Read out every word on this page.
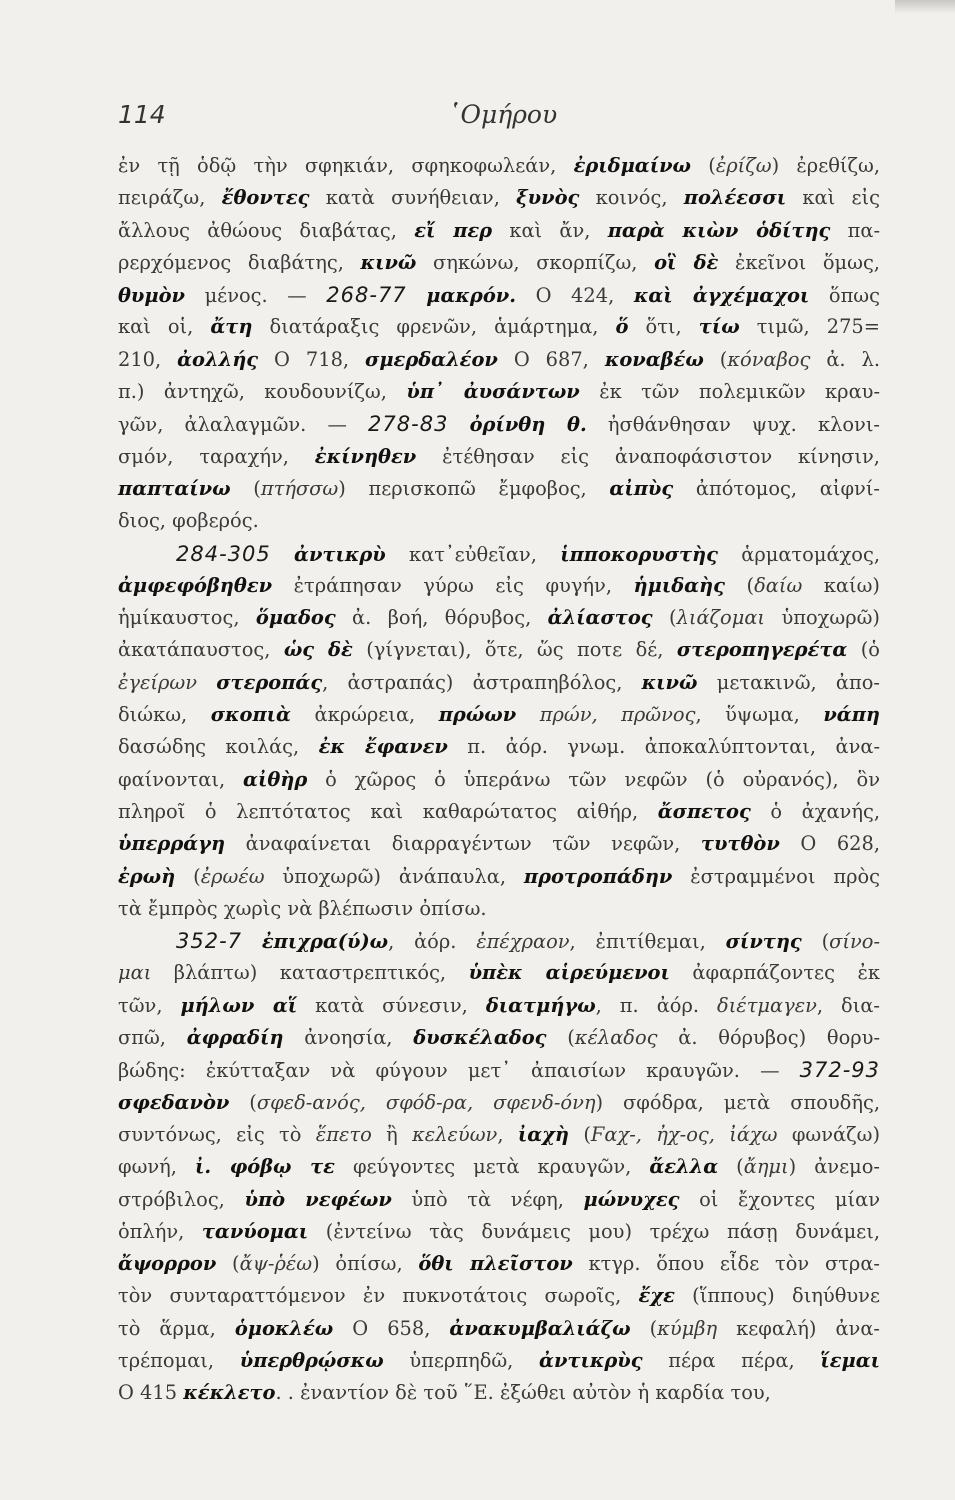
114	῾Ομήρου
ἐν τῇ ὁδῷ τὴν σφηκιάν, σφηκοφωλεάν, ἐριδμαίνω (ἐρίζω) ἐρεθίζω,
πειράζω, ἔθοντες κατὰ συνήθειαν, ξυνὸς κοινός, πολέεσσι καὶ εἰς
ἄλλους ἀθώους διαβάτας, εἴ περ καὶ ἄν, παρὰ κιὼν ὁδίτης πα-
ρερχόμενος διαβάτης, κινῶ σηκώνω, σκορπίζω, οἳ δὲ ἐκεῖνοι ὅμως,
θυμὸν μένος. — 268-77 μακρόν. Ο 424, καὶ ἀγχέμαχοι ὅπως
καὶ οἱ, ἄτη διατάραξις φρενῶν, ἁμάρτημα, ὅ ὅτι, τίω τιμῶ, 275=
210, ἀολλής Ο 718, σμερδαλέον Ο 687, κοναβέω (κόναβος ἀ. λ.
π.) ἀντηχῶ, κουδουνίζω, ὑπ᾽ ἀυσάντων ἐκ τῶν πολεμικῶν κραυ-
γῶν, ἀλαλαγμῶν. — 278-83 ὀρίνθη θ. ἠσθάνθησαν ψυχ. κλονι-
σμόν, ταραχήν, ἐκίνηθεν ἐτέθησαν εἰς ἀναποφάσιστον κίνησιν,
παπταίνω (πτήσσω) περισκοπῶ ἔμφοβος, αἰπὺς ἀπότομος, αἰφνί-
διος, φοβερός.
284-305 ἀντικρὺ κατ᾽εὐθεῖαν, ἱπποκορυστὴς ἁρματομάχος,
ἀμφεφόβηθεν ἐτράπησαν γύρω εἰς φυγήν, ἡμιδαὴς (δαίω καίω)
ἡμίκαυστος, ὅμαδος ἀ. βοή, θόρυβος, ἀλίαστος (λιάζομαι ὑποχωρῶ)
ἀκατάπαυστος, ὡς δὲ (γίγνεται), ὅτε, ὥς ποτε δέ, στεροπηγερέτα (ὁ
ἐγείρων στεροπάς, ἀστραπάς) ἀστραπηβόλος, κινῶ μετακινῶ, ἀπο-
διώκω, σκοπιὰ ἀκρώρεια, πρώων πρών, πρῶνος, ὕψωμα, νάπη
δασώδης κοιλάς, ἐκ ἔφανεν π. ἀόρ. γνωμ. ἀποκαλύπτονται, ἀνα-
φαίνονται, αἰθὴρ ὁ χῶρος ὁ ὑπεράνω τῶν νεφῶν (ὁ οὐρανός), ὃν
πληροῖ ὁ λεπτότατος καὶ καθαρώτατος αἰθήρ, ἄσπετος ὁ ἀχανής,
ὑπερράγη ἀναφαίνεται διαρραγέντων τῶν νεφῶν, τυτθὸν Ο 628,
ἐρωὴ (ἐρωέω ὑποχωρῶ) ἀνάπαυλα, προτροπάδην ἐστραμμένοι πρὸς
τὰ ἔμπρὸς χωρὶς νὰ βλέπωσιν ὀπίσω.
352-7 ἐπιχρα(ύ)ω, ἀόρ. ἐπέχραον, ἐπιτίθεμαι, σίντης (σίνο-
μαι βλάπτω) καταστρεπτικός, ὑπὲκ αἱρεύμενοι ἀφαρπάζοντες ἐκ
τῶν, μήλων αἵ κατὰ σύνεσιν, διατμήγω, π. ἀόρ. διέτμαγεν, δια-
σπῶ, ἀφραδίη ἀνοησία, δυσκέλαδος (κέλαδος ἀ. θόρυβος) θορυ-
βώδης: ἐκύτταξαν νὰ φύγουν μετ᾽ ἀπαισίων κραυγῶν. — 372-93
σφεδανὸν (σφεδ-ανός, σφόδ-ρα, σφενδ-όνη) σφόδρα, μετὰ σπουδῆς,
συντόνως, εἰς τὸ ἕπετο ἢ κελεύων, ἰαχὴ (Ϝαχ-, ἠχ-ος, ἰάχω φωνάζω)
φωνή, ἰ. φόβῳ τε φεύγοντες μετὰ κραυγῶν, ἄελλα (ἄημι) ἀνεμο-
στρόβιλος, ὑπὸ νεφέων ὑπὸ τὰ νέφη, μώνυχες οἱ ἔχοντες μίαν
ὁπλήν, τανύομαι (ἐντείνω τὰς δυνάμεις μου) τρέχω πάσῃ δυνάμει,
ἄψορρον (ἄψ-ῥέω) ὀπίσω, ὅθι πλεῖστον κτγρ. ὅπου εἶδε τὸν στρα-
τὸν συνταραττόμενον ἐν πυκνοτάτοις σωροῖς, ἔχε (ἵππους) διηύθυνε
τὸ ἅρμα, ὁμοκλέω Ο 658, ἀνακυμβαλιάζω (κύμβη κεφαλή) ἀνα-
τρέπομαι, ὑπερθρῴσκω ὑπερπηδῶ, ἀντικρὺς πέρα πέρα, ἵεμαι
Ο 415 κέκλετο. . ἐναντίον δὲ τοῦ ῞Ε. ἐξώθει αὐτὸν ἡ καρδία του,
